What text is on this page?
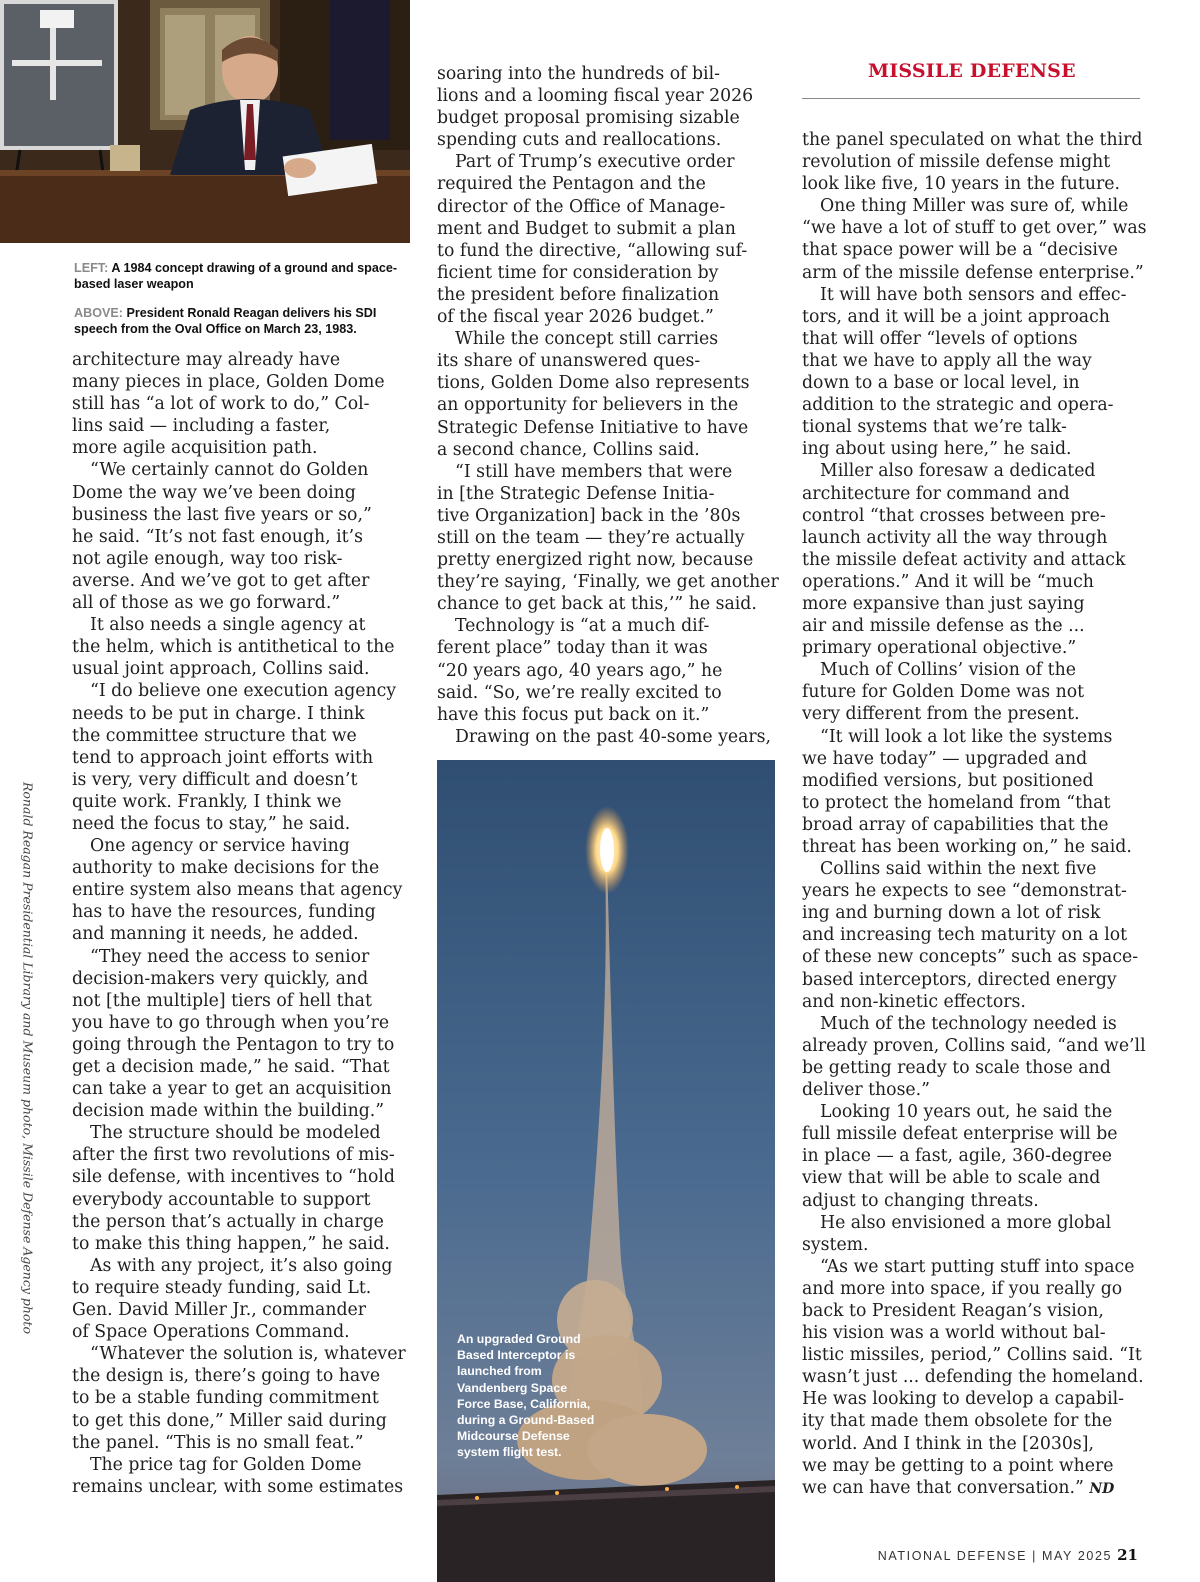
LEFT: A 1984 concept drawing of a ground and space-based laser weapon
ABOVE: President Ronald Reagan delivers his SDI speech from the Oval Office on March 23, 1983.
MISSILE DEFENSE
Ronald Reagan Presidential Library and Museum photo, Missile Defense Agency photo

architecture may already have

many pieces in place, Golden Dome

still has “a lot of work to do,” Col-

lins said — including a faster,

more agile acquisition path.

“We certainly cannot do Golden

Dome the way we’ve been doing

business the last five years or so,”

he said. “It’s not fast enough, it’s

not agile enough, way too risk-

averse. And we’ve got to get after

all of those as we go forward.”

It also needs a single agency at

the helm, which is antithetical to the

usual joint approach, Collins said.

“I do believe one execution agency

needs to be put in charge. I think

the committee structure that we

tend to approach joint efforts with

is very, very difficult and doesn’t

quite work. Frankly, I think we

need the focus to stay,” he said.

One agency or service having

authority to make decisions for the

entire system also means that agency

has to have the resources, funding

and manning it needs, he added.

“They need the access to senior

decision-makers very quickly, and

not [the multiple] tiers of hell that

you have to go through when you’re

going through the Pentagon to try to

get a decision made,” he said. “That

can take a year to get an acquisition

decision made within the building.”

The structure should be modeled

after the first two revolutions of mis-

sile defense, with incentives to “hold

everybody accountable to support

the person that’s actually in charge

to make this thing happen,” he said.

As with any project, it’s also going

to require steady funding, said Lt.

Gen. David Miller Jr., commander

of Space Operations Command.

“Whatever the solution is, whatever

the design is, there’s going to have

to be a stable funding commitment

to get this done,” Miller said during

the panel. “This is no small feat.”

The price tag for Golden Dome

remains unclear, with some estimates

soaring into the hundreds of bil-

lions and a looming fiscal year 2026

budget proposal promising sizable

spending cuts and reallocations.

Part of Trump’s executive order

required the Pentagon and the

director of the Office of Manage-

ment and Budget to submit a plan

to fund the directive, “allowing suf-

ficient time for consideration by

the president before finalization

of the fiscal year 2026 budget.”

While the concept still carries

its share of unanswered ques-

tions, Golden Dome also represents

an opportunity for believers in the

Strategic Defense Initiative to have

a second chance, Collins said.

“I still have members that were

in [the Strategic Defense Initia-

tive Organization] back in the ’80s

still on the team — they’re actually

pretty energized right now, because

they’re saying, ‘Finally, we get another

chance to get back at this,’” he said.

Technology is “at a much dif-

ferent place” today than it was

“20 years ago, 40 years ago,” he

said. “So, we’re really excited to

have this focus put back on it.”

Drawing on the past 40-some years,

An upgraded Ground Based Interceptor is launched from Vandenberg Space Force Base, California, during a Ground-Based Midcourse Defense system flight test.

the panel speculated on what the third

revolution of missile defense might

look like five, 10 years in the future.

One thing Miller was sure of, while

“we have a lot of stuff to get over,” was

that space power will be a “decisive

arm of the missile defense enterprise.”

It will have both sensors and effec-

tors, and it will be a joint approach

that will offer “levels of options

that we have to apply all the way

down to a base or local level, in

addition to the strategic and opera-

tional systems that we’re talk-

ing about using here,” he said.

Miller also foresaw a dedicated

architecture for command and

control “that crosses between pre-

launch activity all the way through

the missile defeat activity and attack

operations.” And it will be “much

more expansive than just saying

air and missile defense as the ...

primary operational objective.”

Much of Collins’ vision of the

future for Golden Dome was not

very different from the present.

“It will look a lot like the systems

we have today” — upgraded and

modified versions, but positioned

to protect the homeland from “that

broad array of capabilities that the

threat has been working on,” he said.

Collins said within the next five

years he expects to see “demonstrat-

ing and burning down a lot of risk

and increasing tech maturity on a lot

of these new concepts” such as space-

based interceptors, directed energy

and non-kinetic effectors.

Much of the technology needed is

already proven, Collins said, “and we’ll

be getting ready to scale those and

deliver those.”

Looking 10 years out, he said the

full missile defeat enterprise will be

in place — a fast, agile, 360-degree

view that will be able to scale and

adjust to changing threats.

He also envisioned a more global

system.

“As we start putting stuff into space

and more into space, if you really go

back to President Reagan’s vision,

his vision was a world without bal-

listic missiles, period,” Collins said. “It

wasn’t just ... defending the homeland.

He was looking to develop a capabil-

ity that made them obsolete for the

world. And I think in the [2030s],

we may be getting to a point where

we can have that conversation.” ND

NATIONAL DEFENSE | MAY 2025 21
